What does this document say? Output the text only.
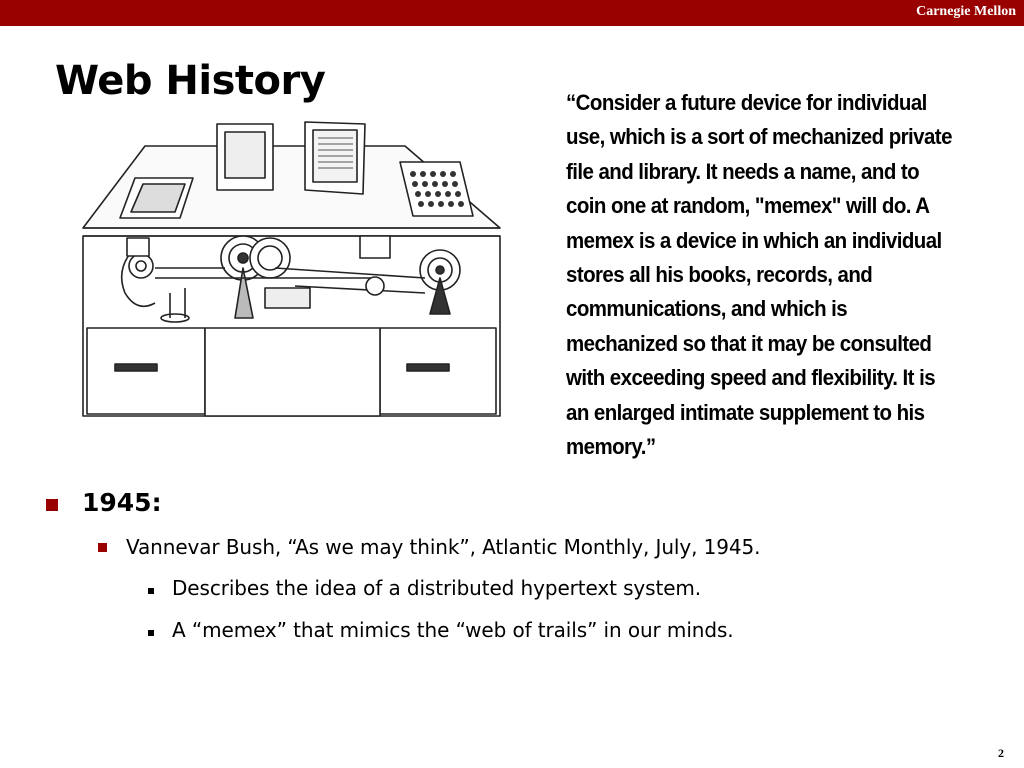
Carnegie Mellon
Web History	“Consider a future device for individual use, which is a sort of mechanized private file and library. It needs a name, and to coin one at random, "memex" will do. A memex is a device in which an individual stores all his books, records, and communications, and which is mechanized so that it may be consulted with exceeding speed and flexibility. It is an enlarged intimate supplement to his memory.”

1945:
Vannevar Bush, “As we may think”, Atlantic Monthly, July, 1945.
Describes the idea of a distributed hypertext system.
A “memex” that mimics the “web of trails” in our minds.
2
